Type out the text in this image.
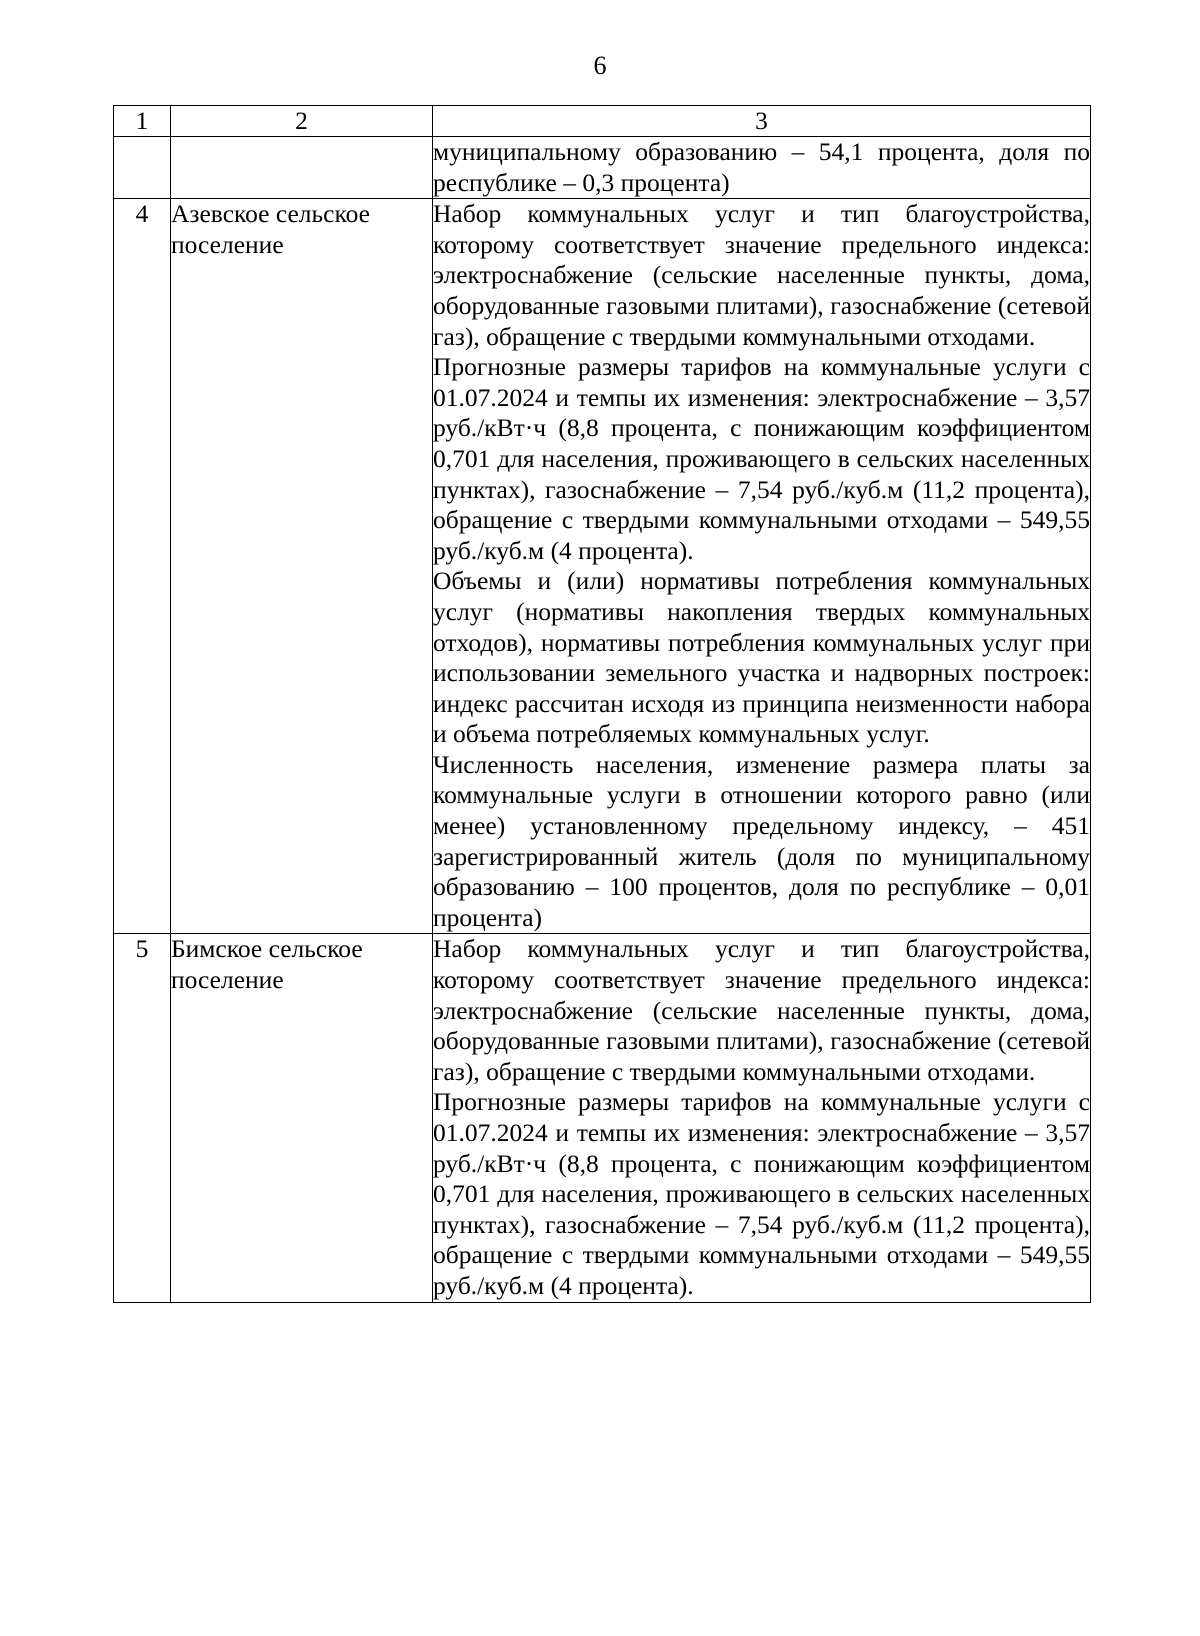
6
1	2	3

		муниципальному образованию – 54,1 процента, доля по республике – 0,3 процента)

4	Азевское сельское поселение	Набор коммунальных услуг и тип благоустройства, которому соответствует значение предельного индекса: электроснабжение (сельские населенные пункты, дома, оборудованные газовыми плитами), газоснабжение (сетевой газ), обращение с твердыми коммунальными отходами.

Прогнозные размеры тарифов на коммунальные услуги с 01.07.2024 и темпы их изменения: электроснабжение – 3,57 руб./кВт·ч (8,8 процента, с понижающим коэффициентом 0,701 для населения, проживающего в сельских населенных пунктах), газоснабжение – 7,54 руб./куб.м (11,2 процента), обращение с твердыми коммунальными отходами – 549,55 руб./куб.м (4 процента).

Объемы и (или) нормативы потребления коммунальных услуг (нормативы накопления твердых коммунальных отходов), нормативы потребления коммунальных услуг при использовании земельного участка и надворных построек: индекс рассчитан исходя из принципа неизменности набора и объема потребляемых коммунальных услуг.

Численность населения, изменение размера платы за коммунальные услуги в отношении которого равно (или менее) установленному предельному индексу, – 451 зарегистрированный житель (доля по муниципальному образованию – 100 процентов, доля по республике – 0,01 процента)

5	Бимское сельское поселение	Набор коммунальных услуг и тип благоустройства, которому соответствует значение предельного индекса: электроснабжение (сельские населенные пункты, дома, оборудованные газовыми плитами), газоснабжение (сетевой газ), обращение с твердыми коммунальными отходами.

Прогнозные размеры тарифов на коммунальные услуги с 01.07.2024 и темпы их изменения: электроснабжение – 3,57 руб./кВт·ч (8,8 процента, с понижающим коэффициентом 0,701 для населения, проживающего в сельских населенных пунктах), газоснабжение – 7,54 руб./куб.м (11,2 процента), обращение с твердыми коммунальными отходами – 549,55 руб./куб.м (4 процента).
